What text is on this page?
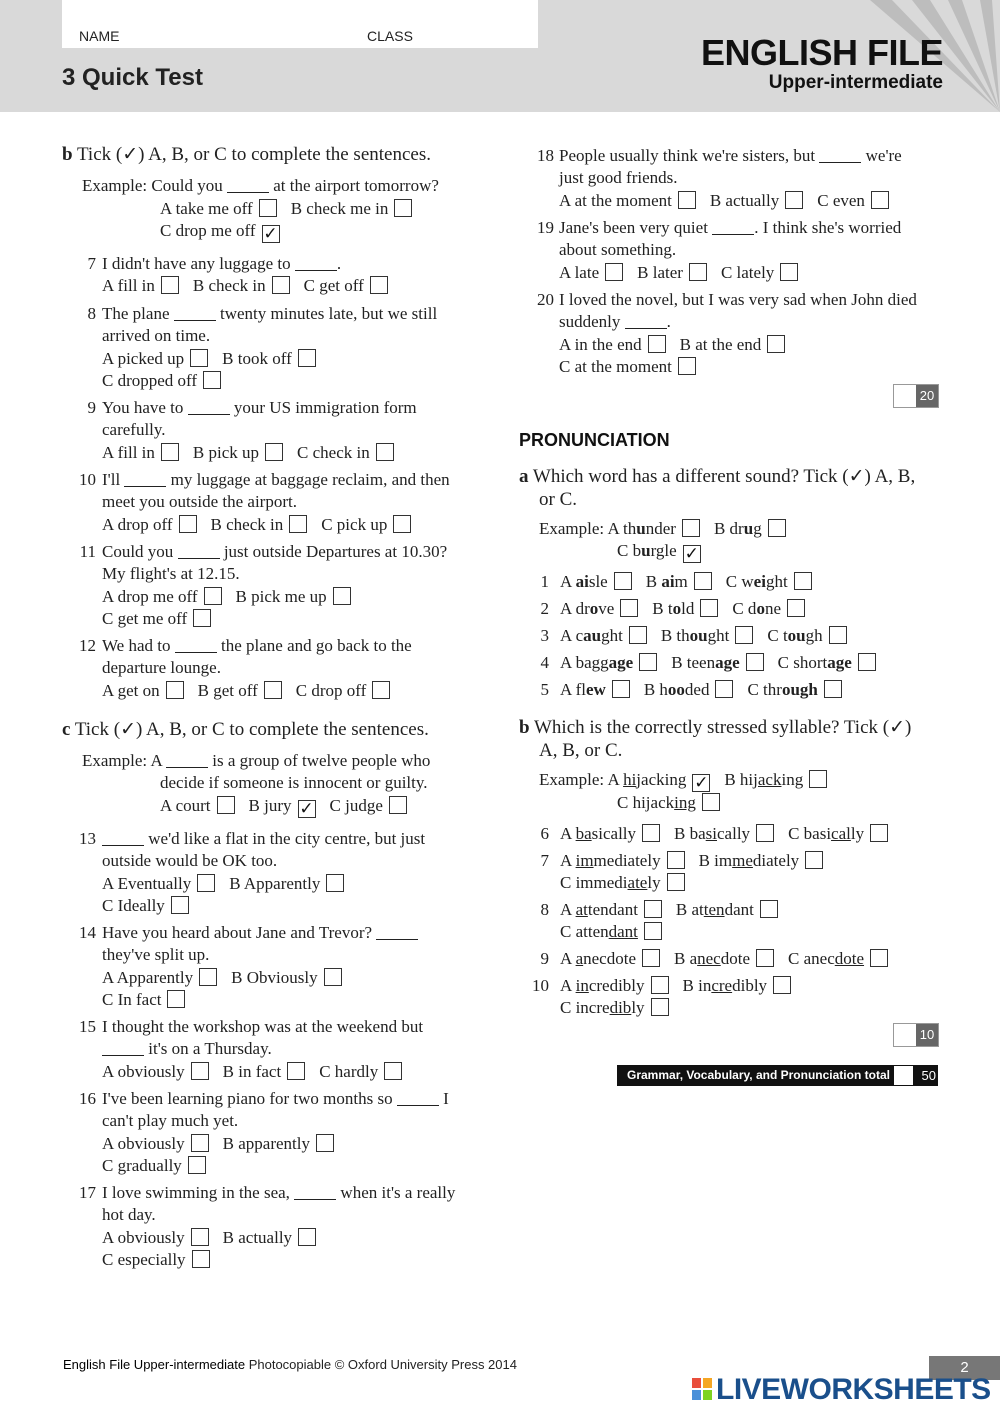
NAME	CLASS
3 Quick Test
ENGLISH FILE
Upper-intermediate
b Tick (✓) A, B, or C to complete the sentences.
Example: Could you  at the airport tomorrow?
A take me off B check me in
C drop me off ✓
7 I didn't have any luggage to .
A fill in B check in C get off
8 The plane  twenty minutes late, but we still
arrived on time.
A picked up B took off
C dropped off
9 You have to  your US immigration form
carefully.
A fill in B pick up C check in
10 I'll  my luggage at baggage reclaim, and then
meet you outside the airport.
A drop off B check in C pick up
11 Could you  just outside Departures at 10.30?
My flight's at 12.15.
A drop me off B pick me up
C get me off
12 We had to  the plane and go back to the
departure lounge.
A get on B get off C drop off
c Tick (✓) A, B, or C to complete the sentences.
Example: A  is a group of twelve people who
decide if someone is innocent or guilty.
A court B jury ✓ C judge
13	we'd like a flat in the city centre, but just
outside would be OK too.
A Eventually B Apparently
C Ideally
14 Have you heard about Jane and Trevor?
they've split up.
A Apparently B Obviously
C In fact
15 I thought the workshop was at the weekend but
it's on a Thursday.
A obviously B in fact C hardly
16 I've been learning piano for two months so  I
can't play much yet.
A obviously B apparently
C gradually
17 I love swimming in the sea,  when it's a really
hot day.
A obviously B actually
C especially
18 People usually think we're sisters, but  we're
just good friends.
A at the moment B actually C even
19 Jane's been very quiet . I think she's worried
about something.
A late B later C lately
20 I loved the novel, but I was very sad when John died
suddenly .
A in the end B at the end
C at the moment
a Which word has a different sound? Tick (✓) A, B,
or C.
Example: A thunder B drug
C burgle ✓
1 A aisle B aim C weight
2 A drove B told C done
3 A caught B thought C tough
4 A baggage B teenage C shortage
5 A flew B hooded C through
b Which is the correctly stressed syllable? Tick (✓)
A, B, or C.
Example: A hijacking ✓ B hijacking
C hijacking
6 A basically B basically C basically
7 A immediately B immediately
C immediately
8 A attendant B attendant
C attendant
9 A anecdote B anecdote C anecdote
10 A incredibly B incredibly
C incredibly
20
PRONUNCIATION
10
Grammar, Vocabulary, and Pronunciation total 50
English File Upper-intermediate Photocopiable © Oxford University Press 2014	2
LIVEWORKSHEETS
